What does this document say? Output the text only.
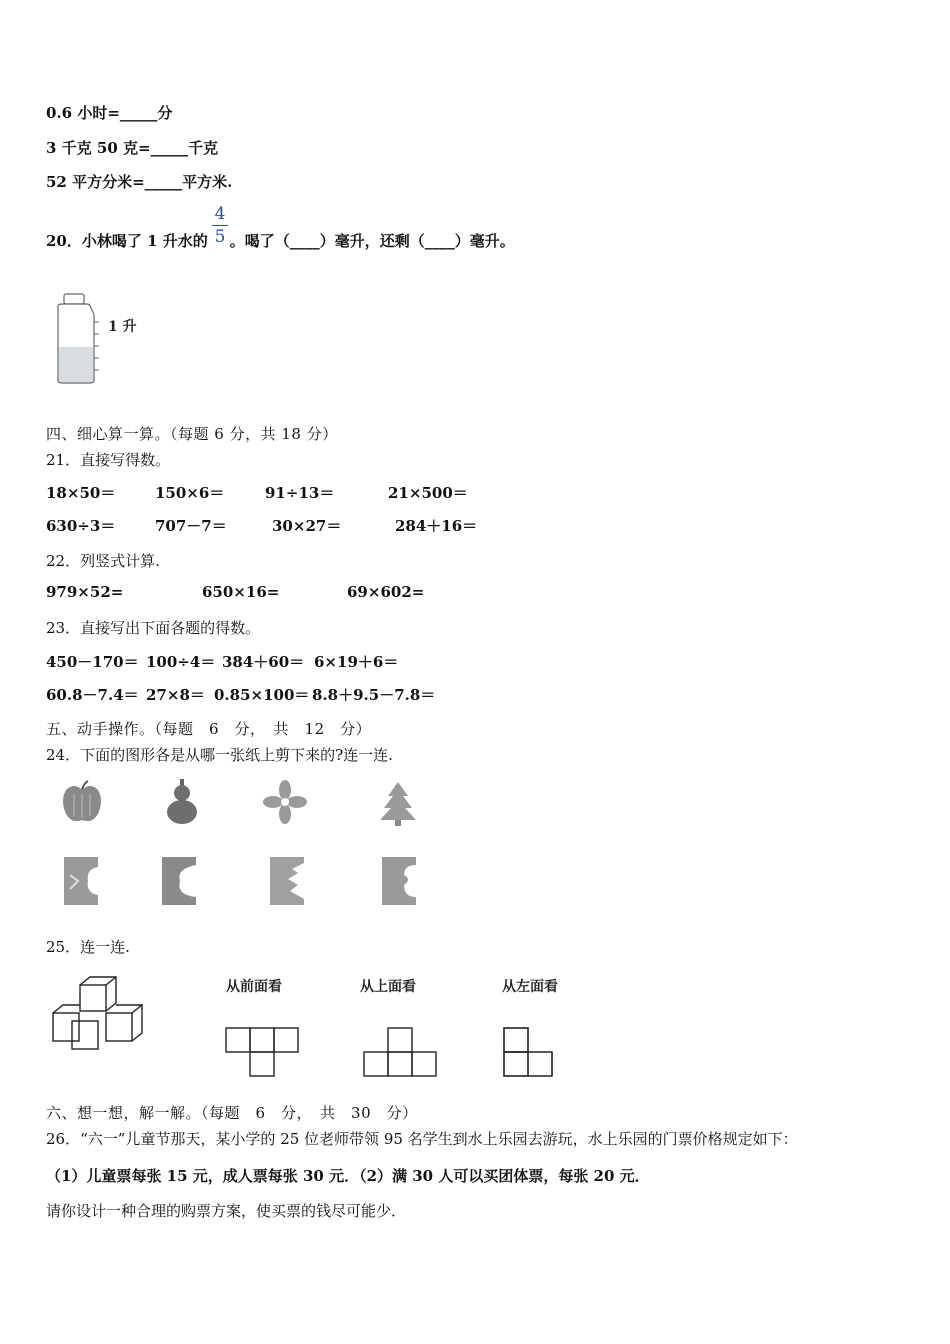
0.6 小时=_____分
3 千克 50 克=_____千克
52 平方分米=_____平方米.
20．小林喝了 1 升水的 。喝了（____）毫升，还剩（____）毫升。
4
5
1 升
四、细心算一算。（每题 6 分，共 18 分）
21．直接写得数。
18×50＝	150×6＝	91÷13＝	21×500＝
630÷3＝	707－7＝	30×27＝	284＋16＝
22．列竖式计算.
979×52=	650×16=	69×602=
23．直接写出下面各题的得数。
450－170＝ 100÷4＝ 384＋60＝ 6×19＋6＝
60.8－7.4＝ 27×8＝ 0.85×100＝ 8.8＋9.5－7.8＝
五、动手操作。（每题　6　分，　共　12　分）
24．下面的图形各是从哪一张纸上剪下来的?连一连.
25．连一连.
从前面看	从上面看	从左面看
六、想一想，解一解。（每题　6　分，　共　30　分）
26．“六一”儿童节那天，某小学的 25 位老师带领 95 名学生到水上乐园去游玩，水上乐园的门票价格规定如下：
（1）儿童票每张 15 元，成人票每张 30 元．（2）满 30 人可以买团体票，每张 20 元．
请你设计一种合理的购票方案，使买票的钱尽可能少．
